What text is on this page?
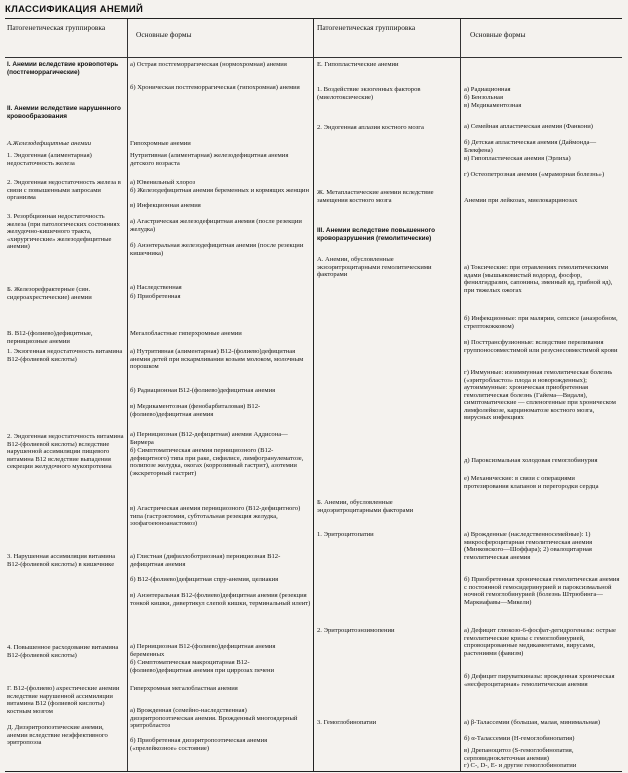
КЛАССИФИКАЦИЯ АНЕМИЙ
Патогенетическая группировка
I. Анемии вследствие кровопотерь (постгеморрагические)
II. Анемии вследствие нарушенного кровообразования
А.Железодефицитные анемии
1. Эндогенная (алиментарная) недостаточность железа
2. Эндогенная недостаточность железа в связи с повышенными запросами организма
3. Резорбционная недостаточность железа (при патологических состояниях желудочно-кишечного тракта, «хирургические» железодефицитные анемии)
Б. Железорефрактерные (син. сидероахрестические) анемии
В. B12-(фолиево)дефицитные, пернициозные анемии
1. Экзогенная недостаточность витамина B12-(фолиевой кислоты)
2. Эндогенная недостаточность витамина B12-(фолиевой кислоты) вследствие нарушенной ассимиляции пищевого витамина B12 вследствие выпадения секреции желудочного мукопротеина
3. Нарушенная ассимиляция витамина B12-(фолиевой кислоты) в кишечнике
4. Повышенное расходование витамина B12-(фолиевой кислоты)
Г. B12-(фолиево) ахрестические анемии вследствие нарушенной ассимиляции витамина B12 (фолиевой кислоты) костным мозгом
Д. Дизэритропоэтические анемии, анемии вследствие неэффективного эритропоэза
Основные формы
а) Острая постгеморрагическая (нормохромная) анемия
б) Хроническая постгеморрагическая (гипохромная) анемия
Гипохромные анемии
Нутритивная (алиментарная) железодефицитная анемия детского возраста
а) Ювенильный хлороз
б) Железодефицитная анемия беременных и кормящих женщин
в) Инфекционная анемия
а) Агастрическая железодефицитная анемия (после резекции желудка)
б) Анэнтеральная железодефицитная анемия (после резекции кишечника)
а) Наследственная
б) Приобретенная
Мегалобластные гиперхромные анемии
а) Нутритивная (алиментарная) B12-(фолиево)дефицитная анемия детей при вскармливании козьим молоком, молочным порошком
б) Радиационная B12-(фолиево)дефицитная анемия
в) Медикаментозная (фенобарбиталовая) B12-(фолиево)дефицитная анемия
а) Пернициозная (B12-дефицитная) анемия Аддисона—Бирмера
б) Симптоматическая анемия пернициозного (B12-дефицитного) типа при раке, сифилисе, лимфогранулематозе, полипозе желудка, окогах (коррозивный гастрит), азотемии (экскреторный гастрит)
в) Агастрическая анемия пернициозного (B12-дефицитного) типа (гастрэктомия, субтотальная резекция желудка, эзофагоеюноанастомоз)
а) Глистная (дифиллоботриозная) пернициозная B12-дефицитная анемия
б) B12-(фолиево)дефицитная спру-анемия, целиакия
в) Анэнтеральная B12-(фолиево)дефицитная анемия (резекция тонкой кишки, дивертикул слепой кишки, терминальный илеит)
а) Пернициозная B12-(фолиево)дефицитная анемия беременных
б) Симптоматическая макроцитарная B12-(фолиево)дефицитная анемия при циррозах печени
Гиперхромная мегалобластная анемия
а) Врожденная (семейно-наследственная) дизэритропоэтическая анемия. Врожденный многоядерный эритробластоз
б) Приобретенная дизэритропоэтическая анемия («прелейкозное» состояние)
Патогенетическая группировка
Е. Гипопластические анемии
1. Воздействие экзогенных факторов (миелотоксические)
2. Эндогенная аплазия костного мозга
Ж. Метапластические анемии вследствие замещения костного мозга
III. Анемии вследствие повышенного кроворазрушения (гемолитические)
А. Анемии, обусловленные экзоэритроцитарными гемолитическими факторами
Б. Анемии, обусловленные эндоэритроцитарными факторами
1. Эритроцитопатии
2. Эритроцитоэнзимопении
3. Гемоглобинопатии
Основные формы
а) Радиационная
б) Бензольная
в) Медикаментозная
а) Семейная апластическая анемия (Фанкони)
б) Детская апластическая анемия (Даймонда—Блекфена)
в) Гипопластическая анемия (Эрлиха)
г) Остеопетрозная анемия («мраморная болезнь»)
Анемии при лейкозах, миелокарцинозах
а) Токсические: при отравлениях гемолитическими ядами (мышьяковистый водород, фосфор, фенилгидразин, сапонины, змеиный яд, грибной яд), при тяжелых ожогах
б) Инфекционные: при малярии, сепсисе (анаэробном, стрептококковом)
в) Посттрансфузионные: вследствие переливания группоносовместимой или резуснесовместимой крови
г) Иммунные: изоиммунная гемолитическая болезнь («эритробластоз» плода и новорожденных); аутоиммунные: хроническая приобретенная гемолитическая болезнь (Гайема—Видаля), симптоматические — спленогенные при хроническом лимфолейкозе, карциноматозе костного мозга, вирусных инфекциях
д) Пароксизмальная холодовая гемоглобинурия
е) Механические: в связи с операциями протезирования клапанов и перегородки сердца
а) Врожденные (наследственносемейные): 1) микросфероцитарная гемолитическая анемия (Минковского—Шоффара); 2) овалоцитарная гемолитическая анемия
б) Приобретенная хроническая гемолитическая анемия с постоянной гемосидеринурией и пароксизмальной ночной гемоглобинурией (болезнь Штрюбинга—Маркиафавы—Микели)
а) Дефицит глюкозо-6-фосфат-дегидрогеназы: острые гемолитические кризы с гемоглобинурией, спровоцированные медикаментами, вирусами, растениями (фавизм)
б) Дефицит пируваткиназы: врожденная хроническая «несфероцитарная» гемолитическая анемия
а) β-Талассемии (большая, малая, минимальная)
б) α-Талассемии (Н-гемоглобинопатия)
в) Дрепаноцитоз (S-гемоглобинопатия, серповидноклеточная анемия)
г) С-, D-, Е- и другие гемоглобинопатии
